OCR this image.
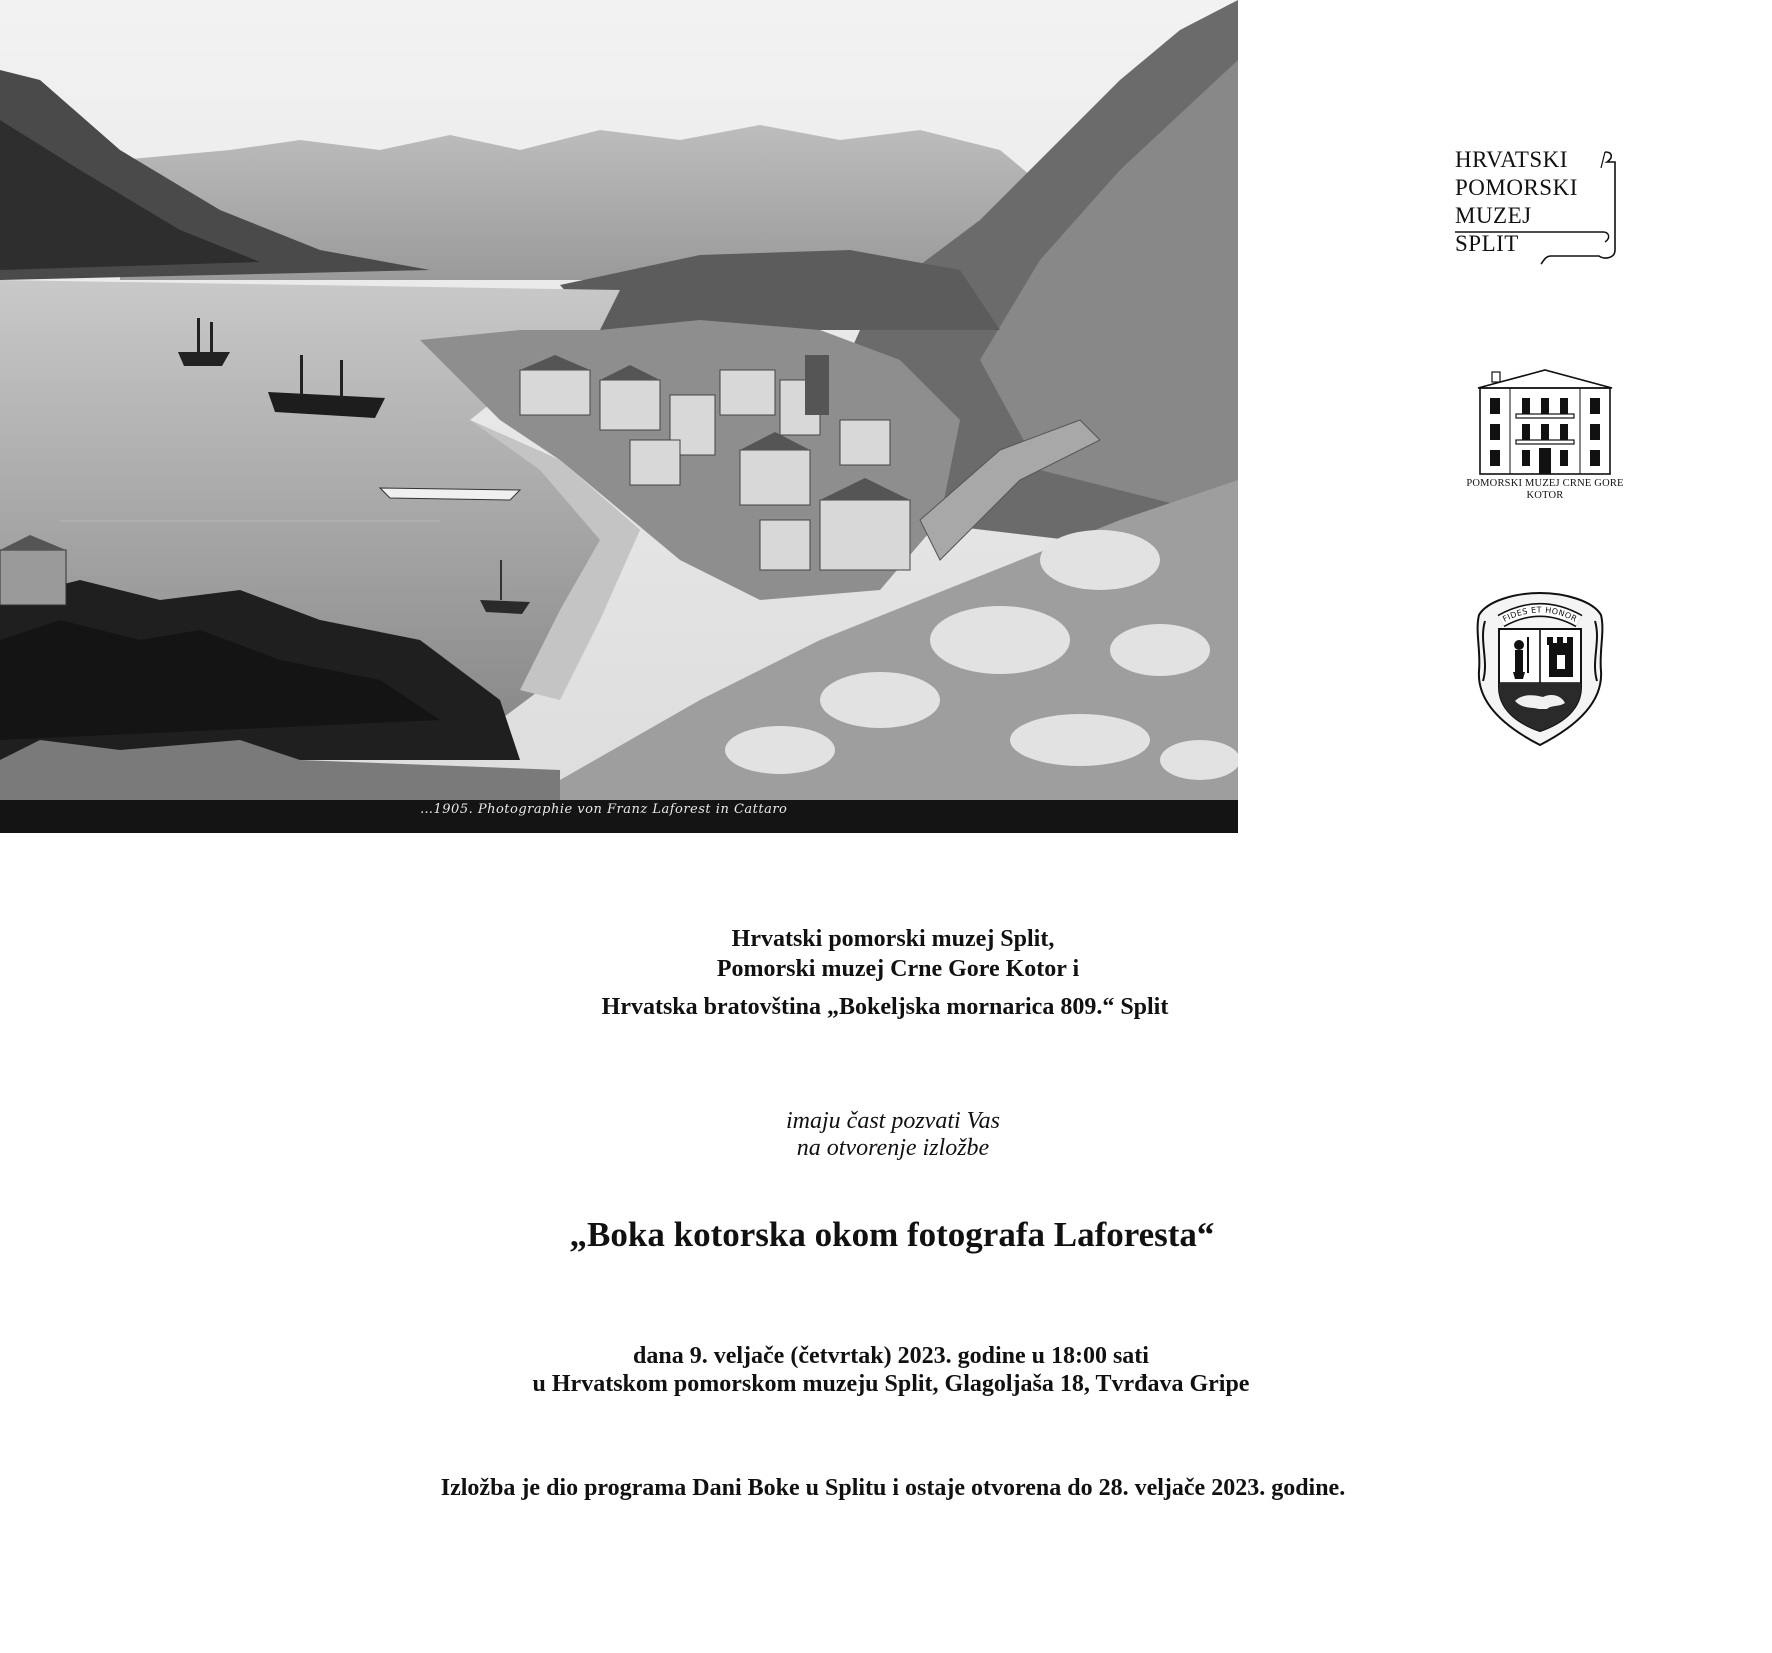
…1905. Photographie von Franz Laforest in Cattaro
HRVATSKI
POMORSKI
MUZEJ
SPLIT
POMORSKI MUZEJ CRNE GORE
KOTOR
FIDES ET HONOR
Hrvatski pomorski muzej Split,
Pomorski muzej Crne Gore Kotor i
Hrvatska bratovština „Bokeljska mornarica 809.“ Split
imaju čast pozvati Vas
na otvorenje izložbe
„Boka kotorska okom fotografa Laforesta“
dana 9. veljače (četvrtak) 2023. godine u 18:00 sati
u Hrvatskom pomorskom muzeju Split, Glagoljaša 18, Tvrđava Gripe
Izložba je dio programa Dani Boke u Splitu i ostaje otvorena do 28. veljače 2023. godine.
